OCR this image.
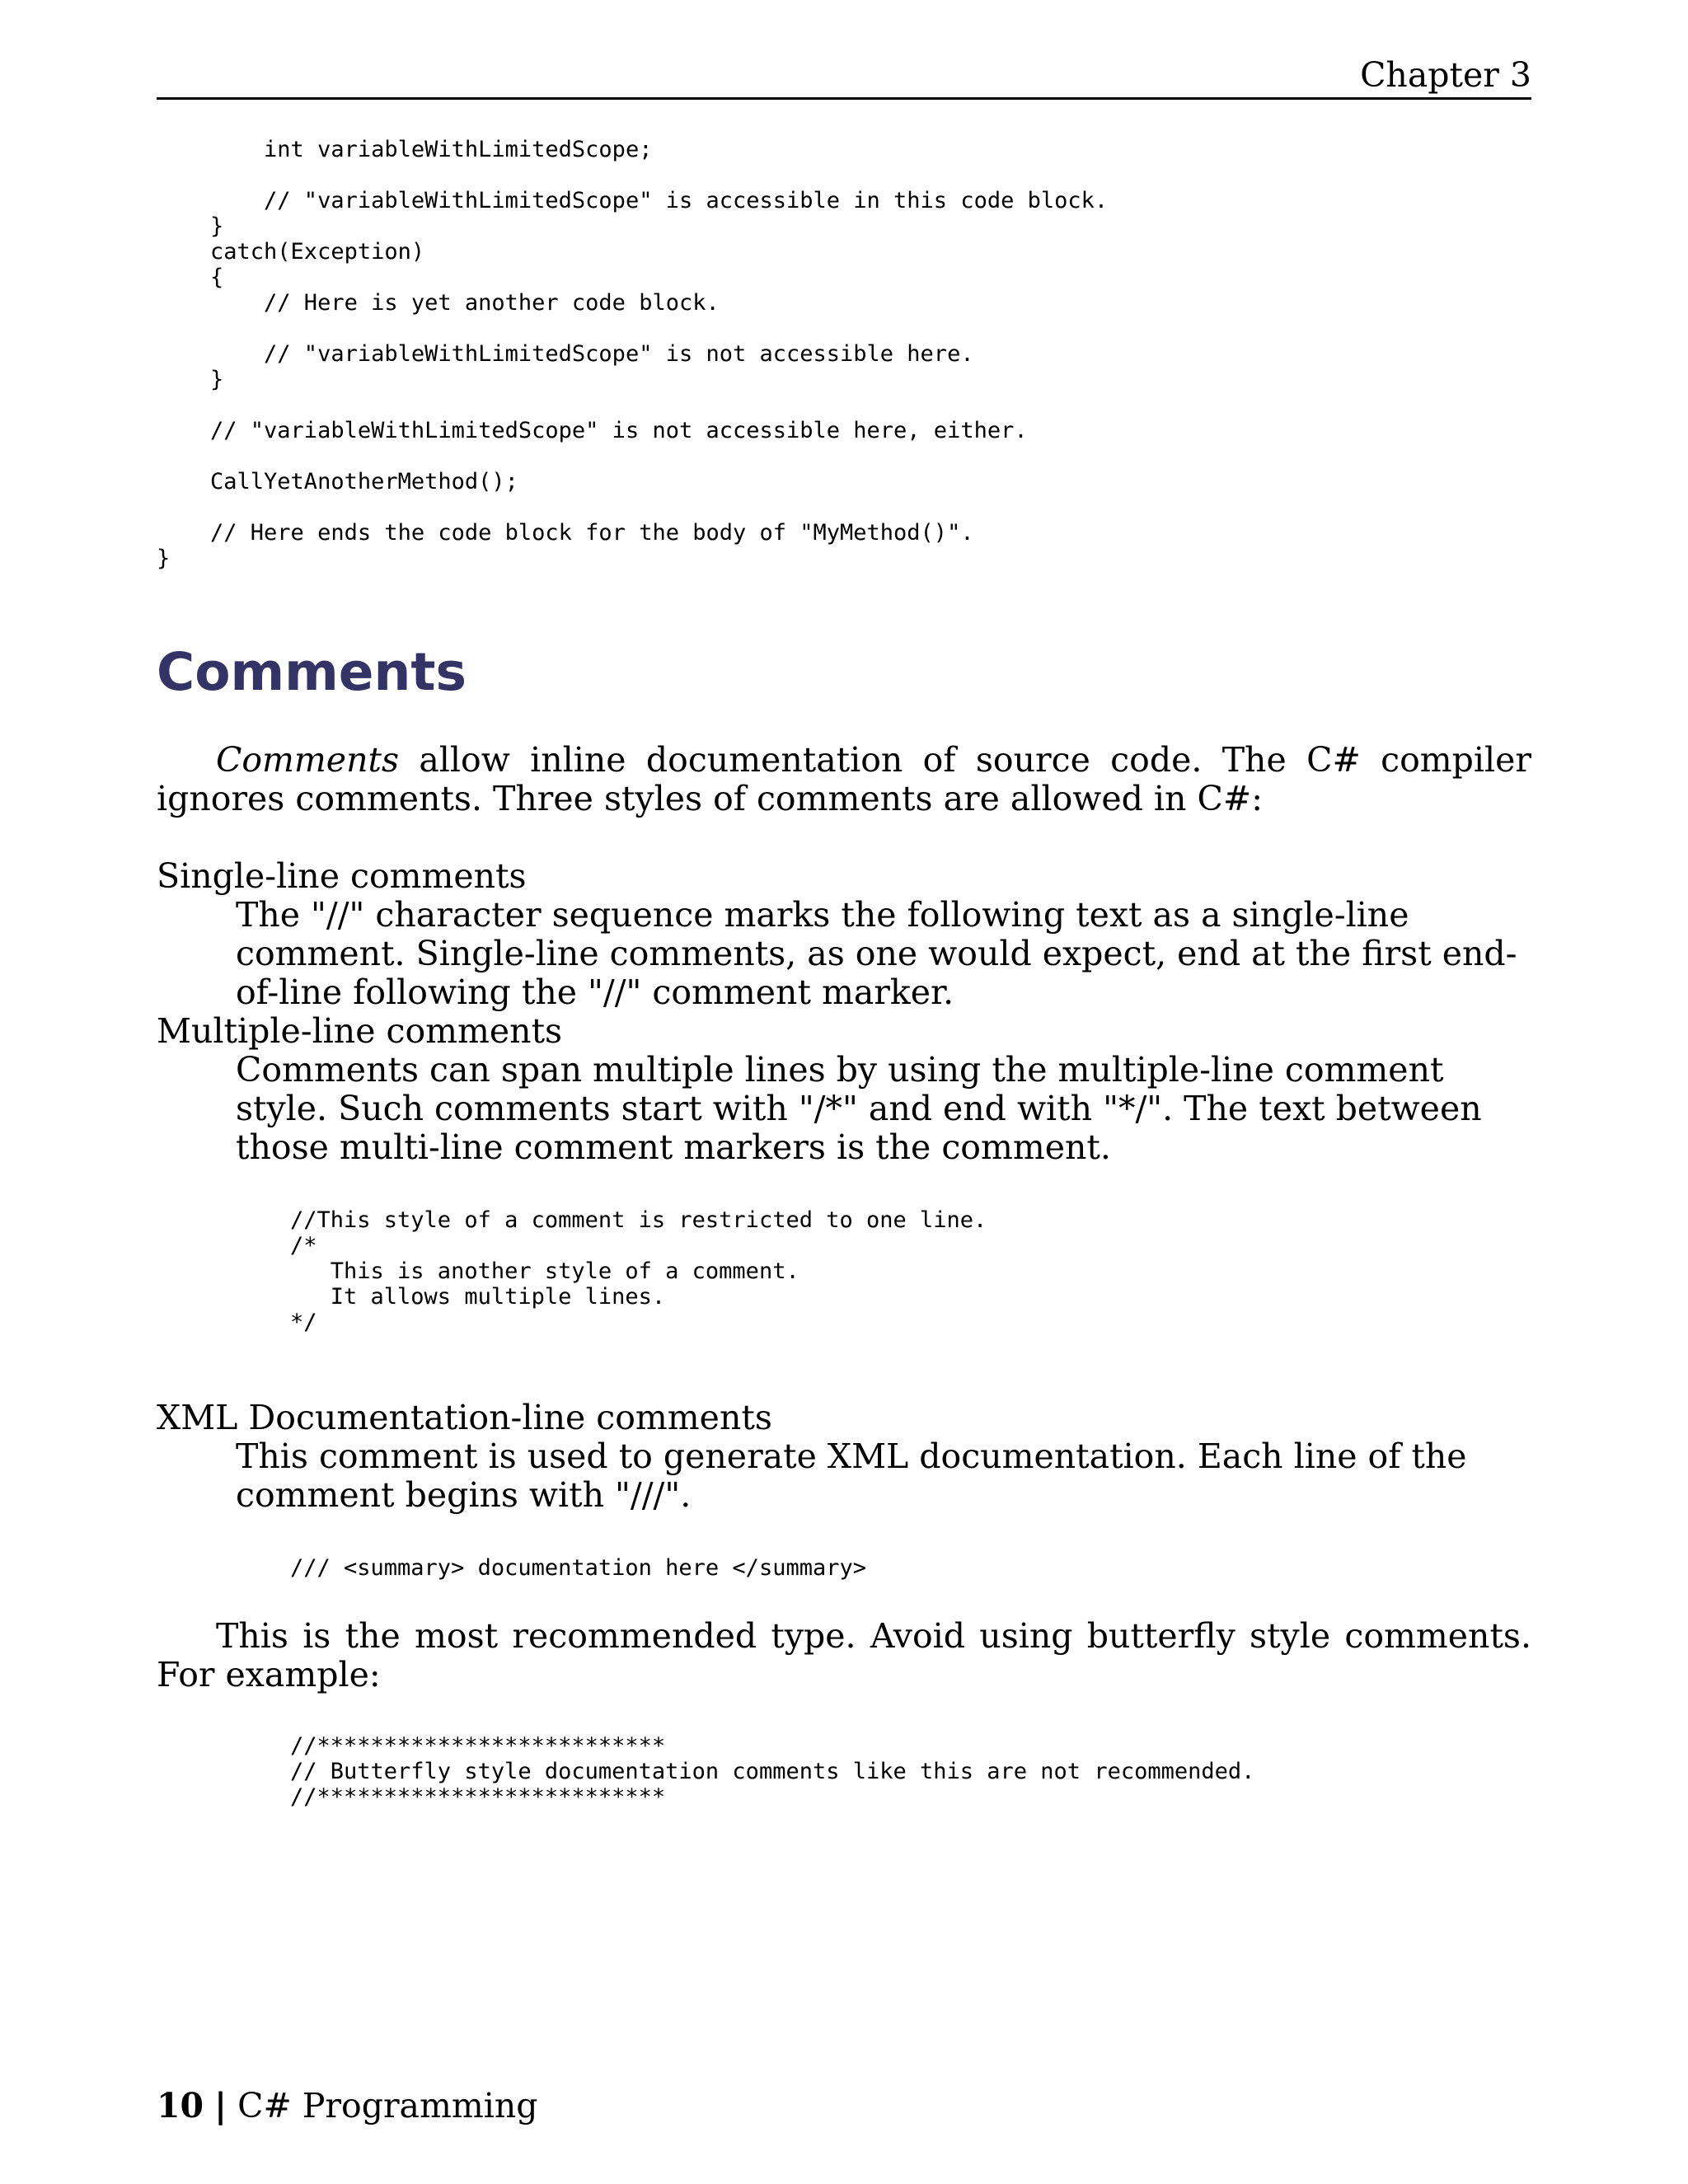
Chapter 3
int variableWithLimitedScope;

// "variableWithLimitedScope" is accessible in this code block.
}
catch(Exception)
{
// Here is yet another code block.

// "variableWithLimitedScope" is not accessible here.
}

// "variableWithLimitedScope" is not accessible here, either.

CallYetAnotherMethod();

// Here ends the code block for the body of "MyMethod()".
}
Comments

Comments allow inline documentation of source code. The C# compiler ignores comments. Three styles of comments are allowed in C#:

Single-line comments

The "//" character sequence marks the following text as a single-line comment. Single-line comments, as one would expect, end at the first end-of-line following the "//" comment marker.

Multiple-line comments

Comments can span multiple lines by using the multiple-line comment style. Such comments start with "/*" and end with "*/". The text between those multi-line comment markers is the comment.

//This style of a comment is restricted to one line.
/*
This is another style of a comment.
It allows multiple lines.
*/
XML Documentation-line comments

This comment is used to generate XML documentation. Each line of the comment begins with "///".

/// <summary> documentation here </summary>

This is the most recommended type. Avoid using butterfly style comments. For example:

//**************************
// Butterfly style documentation comments like this are not recommended.
//**************************
10 | C# Programming
